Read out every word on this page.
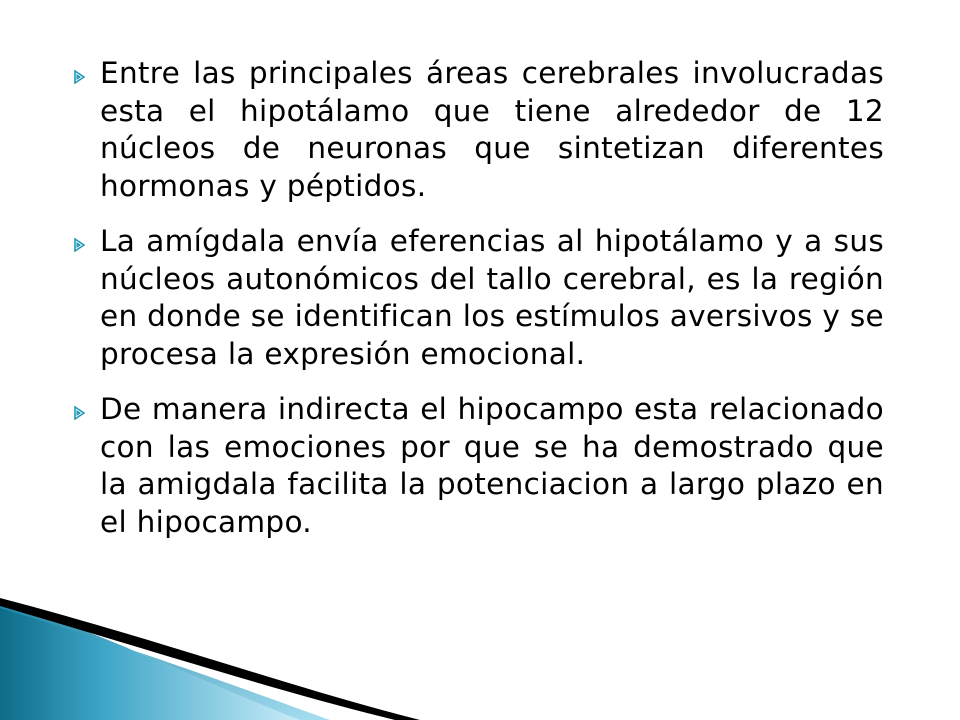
Entre las principales áreas cerebrales involucradas esta el hipotálamo que tiene alrededor de 12 núcleos de neuronas que sintetizan diferentes hormonas y péptidos.
La amígdala envía eferencias al hipotálamo y a sus núcleos autonómicos del tallo cerebral, es la región en donde se identifican los estímulos aversivos y se procesa la expresión emocional.
De manera indirecta el hipocampo esta relacionado con las emociones por que se ha demostrado que la amigdala facilita la potenciacion a largo plazo en el hipocampo.
